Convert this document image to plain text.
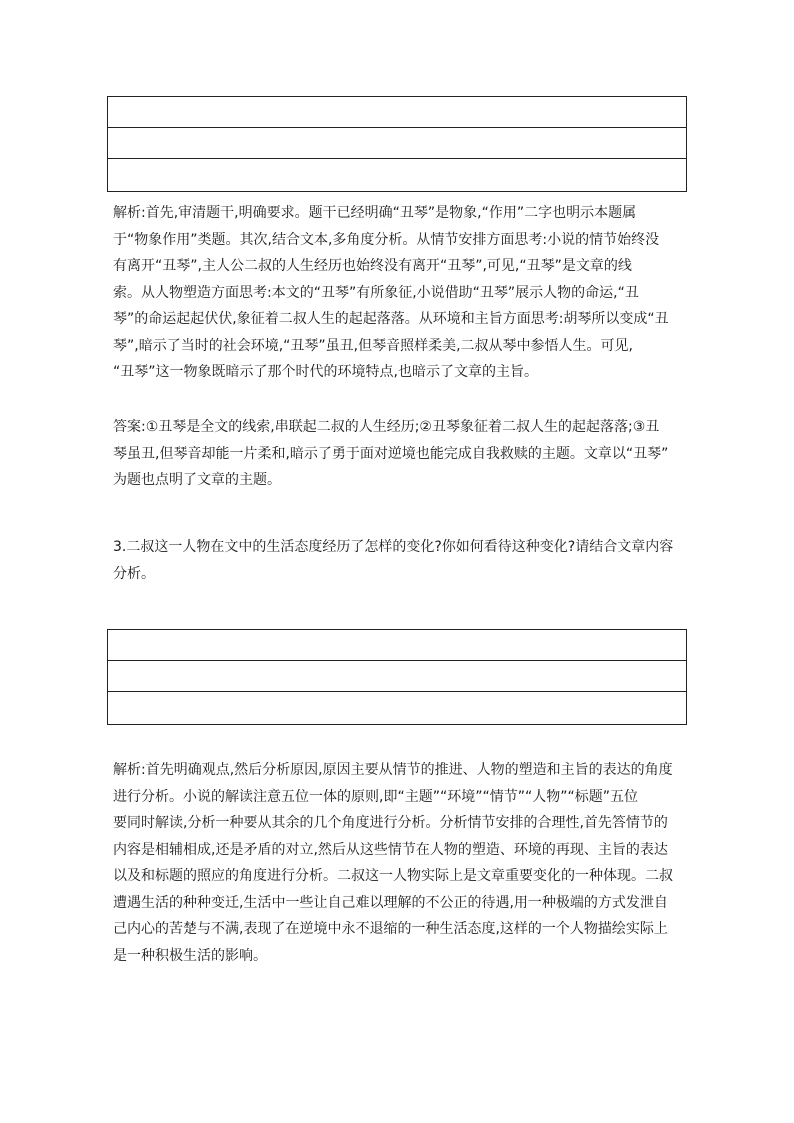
解析:首先,审清题干,明确要求。题干已经明确“丑琴”是物象,“作用”二字也明示本题属
于“物象作用”类题。其次,结合文本,多角度分析。从情节安排方面思考:小说的情节始终没
有离开“丑琴”,主人公二叔的人生经历也始终没有离开“丑琴”,可见,“丑琴”是文章的线
索。从人物塑造方面思考:本文的“丑琴”有所象征,小说借助“丑琴”展示人物的命运,“丑
琴”的命运起起伏伏,象征着二叔人生的起起落落。从环境和主旨方面思考:胡琴所以变成“丑
琴”,暗示了当时的社会环境,“丑琴”虽丑,但琴音照样柔美,二叔从琴中参悟人生。可见,
“丑琴”这一物象既暗示了那个时代的环境特点,也暗示了文章的主旨。

答案:①丑琴是全文的线索,串联起二叔的人生经历;②丑琴象征着二叔人生的起起落落;③丑
琴虽丑,但琴音却能一片柔和,暗示了勇于面对逆境也能完成自我救赎的主题。文章以“丑琴”
为题也点明了文章的主题。

3.二叔这一人物在文中的生活态度经历了怎样的变化?你如何看待这种变化?请结合文章内容
分析。

解析:首先明确观点,然后分析原因,原因主要从情节的推进、人物的塑造和主旨的表达的角度
进行分析。小说的解读注意五位一体的原则,即“主题”“环境”“情节”“人物”“标题”五位
要同时解读,分析一种要从其余的几个角度进行分析。分析情节安排的合理性,首先答情节的
内容是相辅相成,还是矛盾的对立,然后从这些情节在人物的塑造、环境的再现、主旨的表达
以及和标题的照应的角度进行分析。二叔这一人物实际上是文章重要变化的一种体现。二叔
遭遇生活的种种变迁,生活中一些让自己难以理解的不公正的待遇,用一种极端的方式发泄自
己内心的苦楚与不满,表现了在逆境中永不退缩的一种生活态度,这样的一个人物描绘实际上
是一种积极生活的影响。
